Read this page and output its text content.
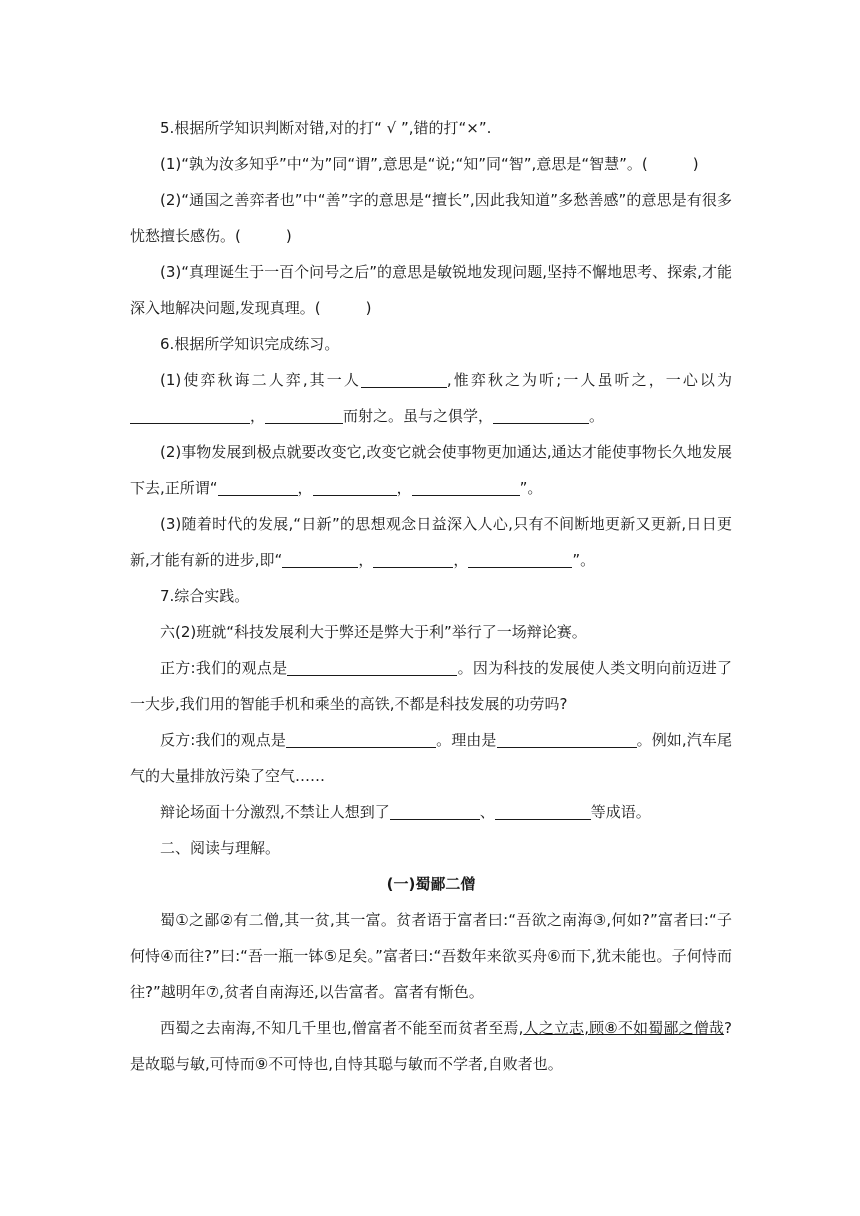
5.根据所学知识判断对错,对的打“ √ ”,错的打“×”.

(1)“孰为汝多知乎”中“为”同“谓”,意思是“说;“知”同“智”,意思是“智慧”。(　　　)

(2)“通国之善弈者也”中“善”字的意思是“擅长”,因此我知道”多愁善感”的意思是有很多忧愁擅长感伤。(　　　)

(3)“真理诞生于一百个问号之后”的意思是敏锐地发现问题,坚持不懈地思考、探索,才能深入地解决问题,发现真理。(　　　)

6.根据所学知识完成练习。

(1)使弈秋诲二人弈,其一人	,惟弈秋之为听;一人虽听之，一心以为，	而射之。虽与之俱学，	。

(2)事物发展到极点就要改变它,改变它就会使事物更加通达,通达才能使事物长久地发展下去,正所谓“	，	，	”。

(3)随着时代的发展,“日新”的思想观念日益深入人心,只有不间断地更新又更新,日日更新,才能有新的进步,即“	，	，	”。

7.综合实践。

六(2)班就“科技发展利大于弊还是弊大于利”举行了一场辩论赛。

正方:我们的观点是	。因为科技的发展使人类文明向前迈进了一大步,我们用的智能手机和乘坐的高铁,不都是科技发展的功劳吗?

反方:我们的观点是	。理由是	。例如,汽车尾气的大量排放污染了空气……

辩论场面十分激烈,不禁让人想到了	、	等成语。

二、阅读与理解。

(一)蜀鄙二僧

蜀①之鄙②有二僧,其一贫,其一富。贫者语于富者曰:“吾欲之南海③,何如?”富者曰:“子何恃④而往?”曰:“吾一瓶一钵⑤足矣。”富者曰:“吾数年来欲买舟⑥而下,犹未能也。子何恃而往?”越明年⑦,贫者自南海还,以告富者。富者有惭色。

西蜀之去南海,不知几千里也,僧富者不能至而贫者至焉,人之立志,顾⑧不如蜀鄙之僧哉?是故聪与敏,可恃而⑨不可恃也,自恃其聪与敏而不学者,自败者也。
